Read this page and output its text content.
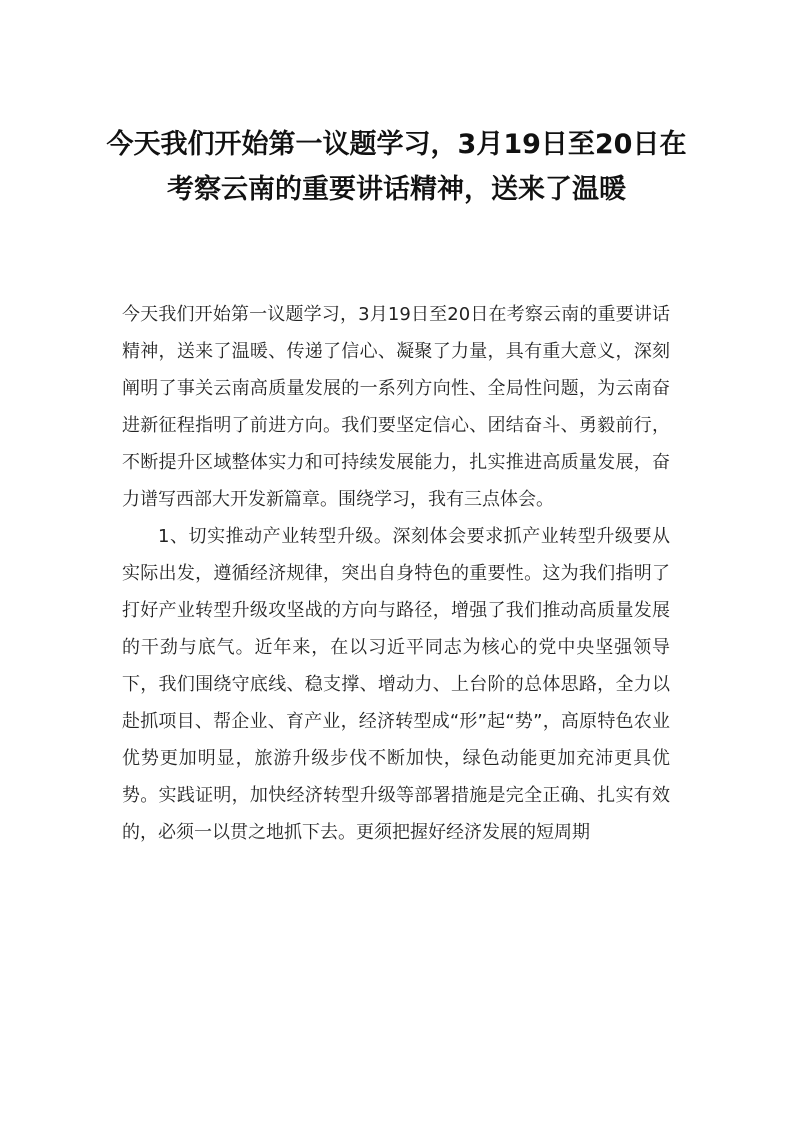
今天我们开始第一议题学习，3月19日至20日在考察云南的重要讲话精神，送来了温暖

今天我们开始第一议题学习，3月19日至20日在考察云南的重要讲话精神，送来了温暖、传递了信心、凝聚了力量，具有重大意义，深刻阐明了事关云南高质量发展的一系列方向性、全局性问题，为云南奋进新征程指明了前进方向。我们要坚定信心、团结奋斗、勇毅前行，不断提升区域整体实力和可持续发展能力，扎实推进高质量发展，奋力谱写西部大开发新篇章。围绕学习，我有三点体会。

1、切实推动产业转型升级。深刻体会要求抓产业转型升级要从实际出发，遵循经济规律，突出自身特色的重要性。这为我们指明了打好产业转型升级攻坚战的方向与路径，增强了我们推动高质量发展的干劲与底气。近年来，在以习近平同志为核心的党中央坚强领导下，我们围绕守底线、稳支撑、增动力、上台阶的总体思路，全力以赴抓项目、帮企业、育产业，经济转型成“形”起“势”，高原特色农业优势更加明显，旅游升级步伐不断加快，绿色动能更加充沛更具优势。实践证明，加快经济转型升级等部署措施是完全正确、扎实有效的，必须一以贯之地抓下去。更须把握好经济发展的短周期
